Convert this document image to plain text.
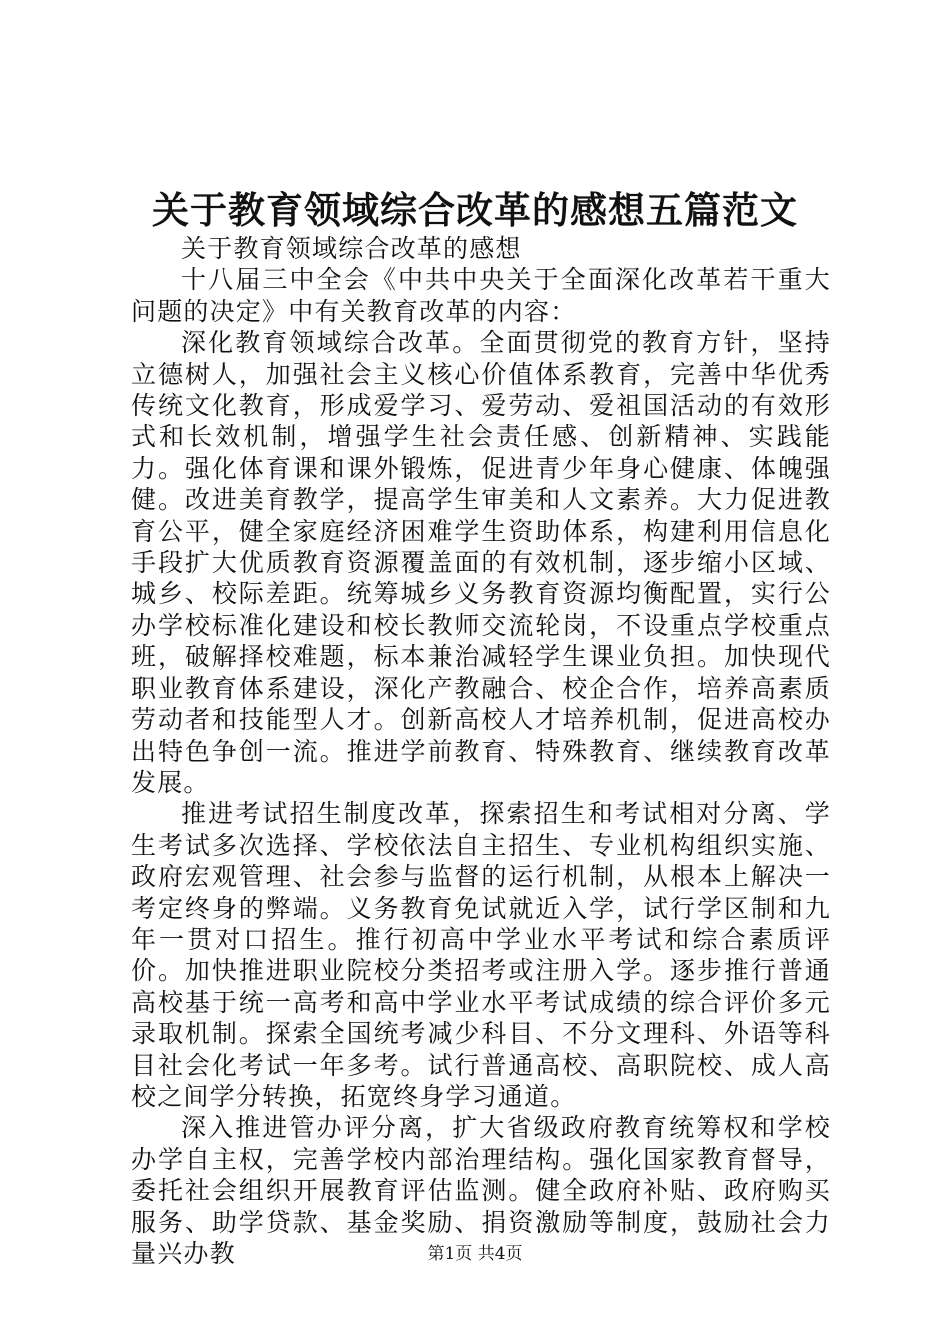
关于教育领域综合改革的感想五篇范文

关于教育领域综合改革的感想

十八届三中全会《中共中央关于全面深化改革若干重大问题的决定》中有关教育改革的内容：

深化教育领域综合改革。全面贯彻党的教育方针，坚持立德树人，加强社会主义核心价值体系教育，完善中华优秀传统文化教育，形成爱学习、爱劳动、爱祖国活动的有效形式和长效机制，增强学生社会责任感、创新精神、实践能力。强化体育课和课外锻炼，促进青少年身心健康、体魄强健。改进美育教学，提高学生审美和人文素养。大力促进教育公平，健全家庭经济困难学生资助体系，构建利用信息化手段扩大优质教育资源覆盖面的有效机制，逐步缩小区域、城乡、校际差距。统筹城乡义务教育资源均衡配置，实行公办学校标准化建设和校长教师交流轮岗，不设重点学校重点班，破解择校难题，标本兼治减轻学生课业负担。加快现代职业教育体系建设，深化产教融合、校企合作，培养高素质劳动者和技能型人才。创新高校人才培养机制，促进高校办出特色争创一流。推进学前教育、特殊教育、继续教育改革发展。

推进考试招生制度改革，探索招生和考试相对分离、学生考试多次选择、学校依法自主招生、专业机构组织实施、政府宏观管理、社会参与监督的运行机制，从根本上解决一考定终身的弊端。义务教育免试就近入学，试行学区制和九年一贯对口招生。推行初高中学业水平考试和综合素质评价。加快推进职业院校分类招考或注册入学。逐步推行普通高校基于统一高考和高中学业水平考试成绩的综合评价多元录取机制。探索全国统考减少科目、不分文理科、外语等科目社会化考试一年多考。试行普通高校、高职院校、成人高校之间学分转换，拓宽终身学习通道。

深入推进管办评分离，扩大省级政府教育统筹权和学校办学自主权，完善学校内部治理结构。强化国家教育督导，委托社会组织开展教育评估监测。健全政府补贴、政府购买服务、助学贷款、基金奖励、捐资激励等制度，鼓励社会力量兴办教	第1页 共4页
